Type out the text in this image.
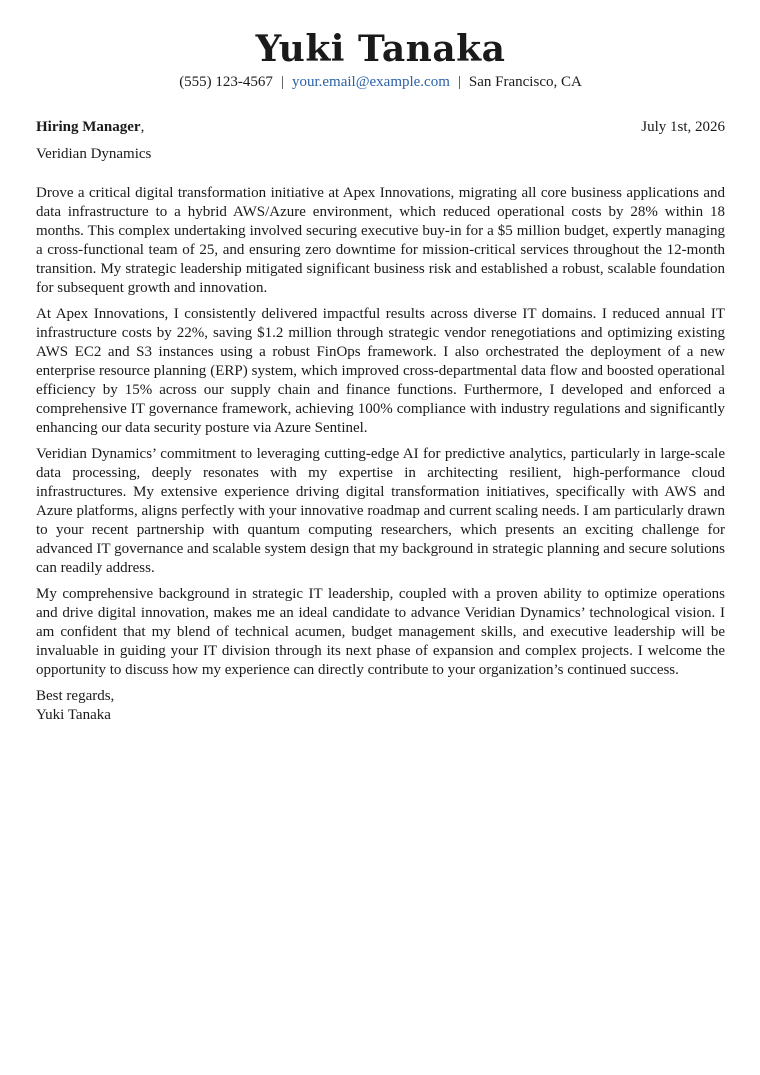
Yuki Tanaka
(555) 123-4567 | your.email@example.com | San Francisco, CA
Hiring Manager,	July 1st, 2026
Veridian Dynamics

Drove a critical digital transformation initiative at Apex Innovations, migrating all core business applications and data infrastructure to a hybrid AWS/Azure environment, which reduced operational costs by 28% within 18 months. This complex undertaking involved securing executive buy-in for a $5 million budget, expertly managing a cross-functional team of 25, and ensuring zero downtime for mission-critical services throughout the 12-month transition. My strategic leadership mitigated significant business risk and established a robust, scalable foundation for subsequent growth and innovation.

At Apex Innovations, I consistently delivered impactful results across diverse IT domains. I reduced annual IT infrastructure costs by 22%, saving $1.2 million through strategic vendor renegotiations and optimizing existing AWS EC2 and S3 instances using a robust FinOps framework. I also orchestrated the deployment of a new enterprise resource planning (ERP) system, which improved cross-departmental data flow and boosted operational efficiency by 15% across our supply chain and finance functions. Furthermore, I developed and enforced a comprehensive IT governance framework, achieving 100% compliance with industry regulations and significantly enhancing our data security posture via Azure Sentinel.

Veridian Dynamics’ commitment to leveraging cutting-edge AI for predictive analytics, particularly in large-scale data processing, deeply resonates with my expertise in architecting resilient, high-performance cloud infrastructures. My extensive experience driving digital transformation initiatives, specifically with AWS and Azure platforms, aligns perfectly with your innovative roadmap and current scaling needs. I am particularly drawn to your recent partnership with quantum computing researchers, which presents an exciting challenge for advanced IT governance and scalable system design that my background in strategic planning and secure solutions can readily address.

My comprehensive background in strategic IT leadership, coupled with a proven ability to optimize operations and drive digital innovation, makes me an ideal candidate to advance Veridian Dynamics’ technological vision. I am confident that my blend of technical acumen, budget management skills, and executive leadership will be invaluable in guiding your IT division through its next phase of expansion and complex projects. I welcome the opportunity to discuss how my experience can directly contribute to your organization’s continued success.

Best regards,
Yuki Tanaka
